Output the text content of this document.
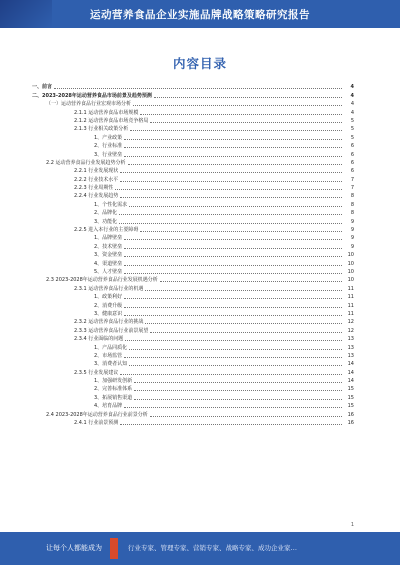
运动营养食品企业实施品牌战略策略研究报告
内容目录
一、前言	4
二、2023-2028年运动营养食品市场前景及趋势预测	4
（一）运动营养食品行业宏观市场分析	4
2.1.1 运动营养食品市场规模	4
2.1.2 运动营养食品市场竞争格局	5
2.1.3 行业相关政策分析	5
1、产业政策	5
2、行业标准	6
3、行业壁垒	6
2.2 运动营养食品行业发展趋势分析	6
2.2.1 行业发展现状	6
2.2.2 行业技术水平	7
2.2.3 行业周期性	7
2.2.4 行业发展趋势	8
1、个性化需求	8
2、品牌化	8
3、功能化	9
2.2.5 进入本行业的主要障碍	9
1、品牌壁垒	9
2、技术壁垒	9
3、资金壁垒	10
4、渠道壁垒	10
5、人才壁垒	10
2.3 2023-2028年运动营养食品行业发展机遇分析	10
2.3.1 运动营养食品行业的机遇	11
1、政策利好	11
2、消费升级	11
3、健康意识	11
2.3.2 运动营养食品行业的挑战	12
2.3.3 运动营养食品行业前景展望	12
2.3.4 行业面临的问题	13
1、产品同质化	13
2、市场监管	13
3、消费者认知	14
2.3.5 行业发展建议	14
1、加强研发创新	14
2、完善标准体系	15
3、拓展销售渠道	15
4、培育品牌	15
2.4 2023-2028年运动营养食品行业前景分析	16
2.4.1 行业前景预测	16
1
让每个人都能成为	行业专家、管理专家、营销专家、战略专家、成功企业家…
